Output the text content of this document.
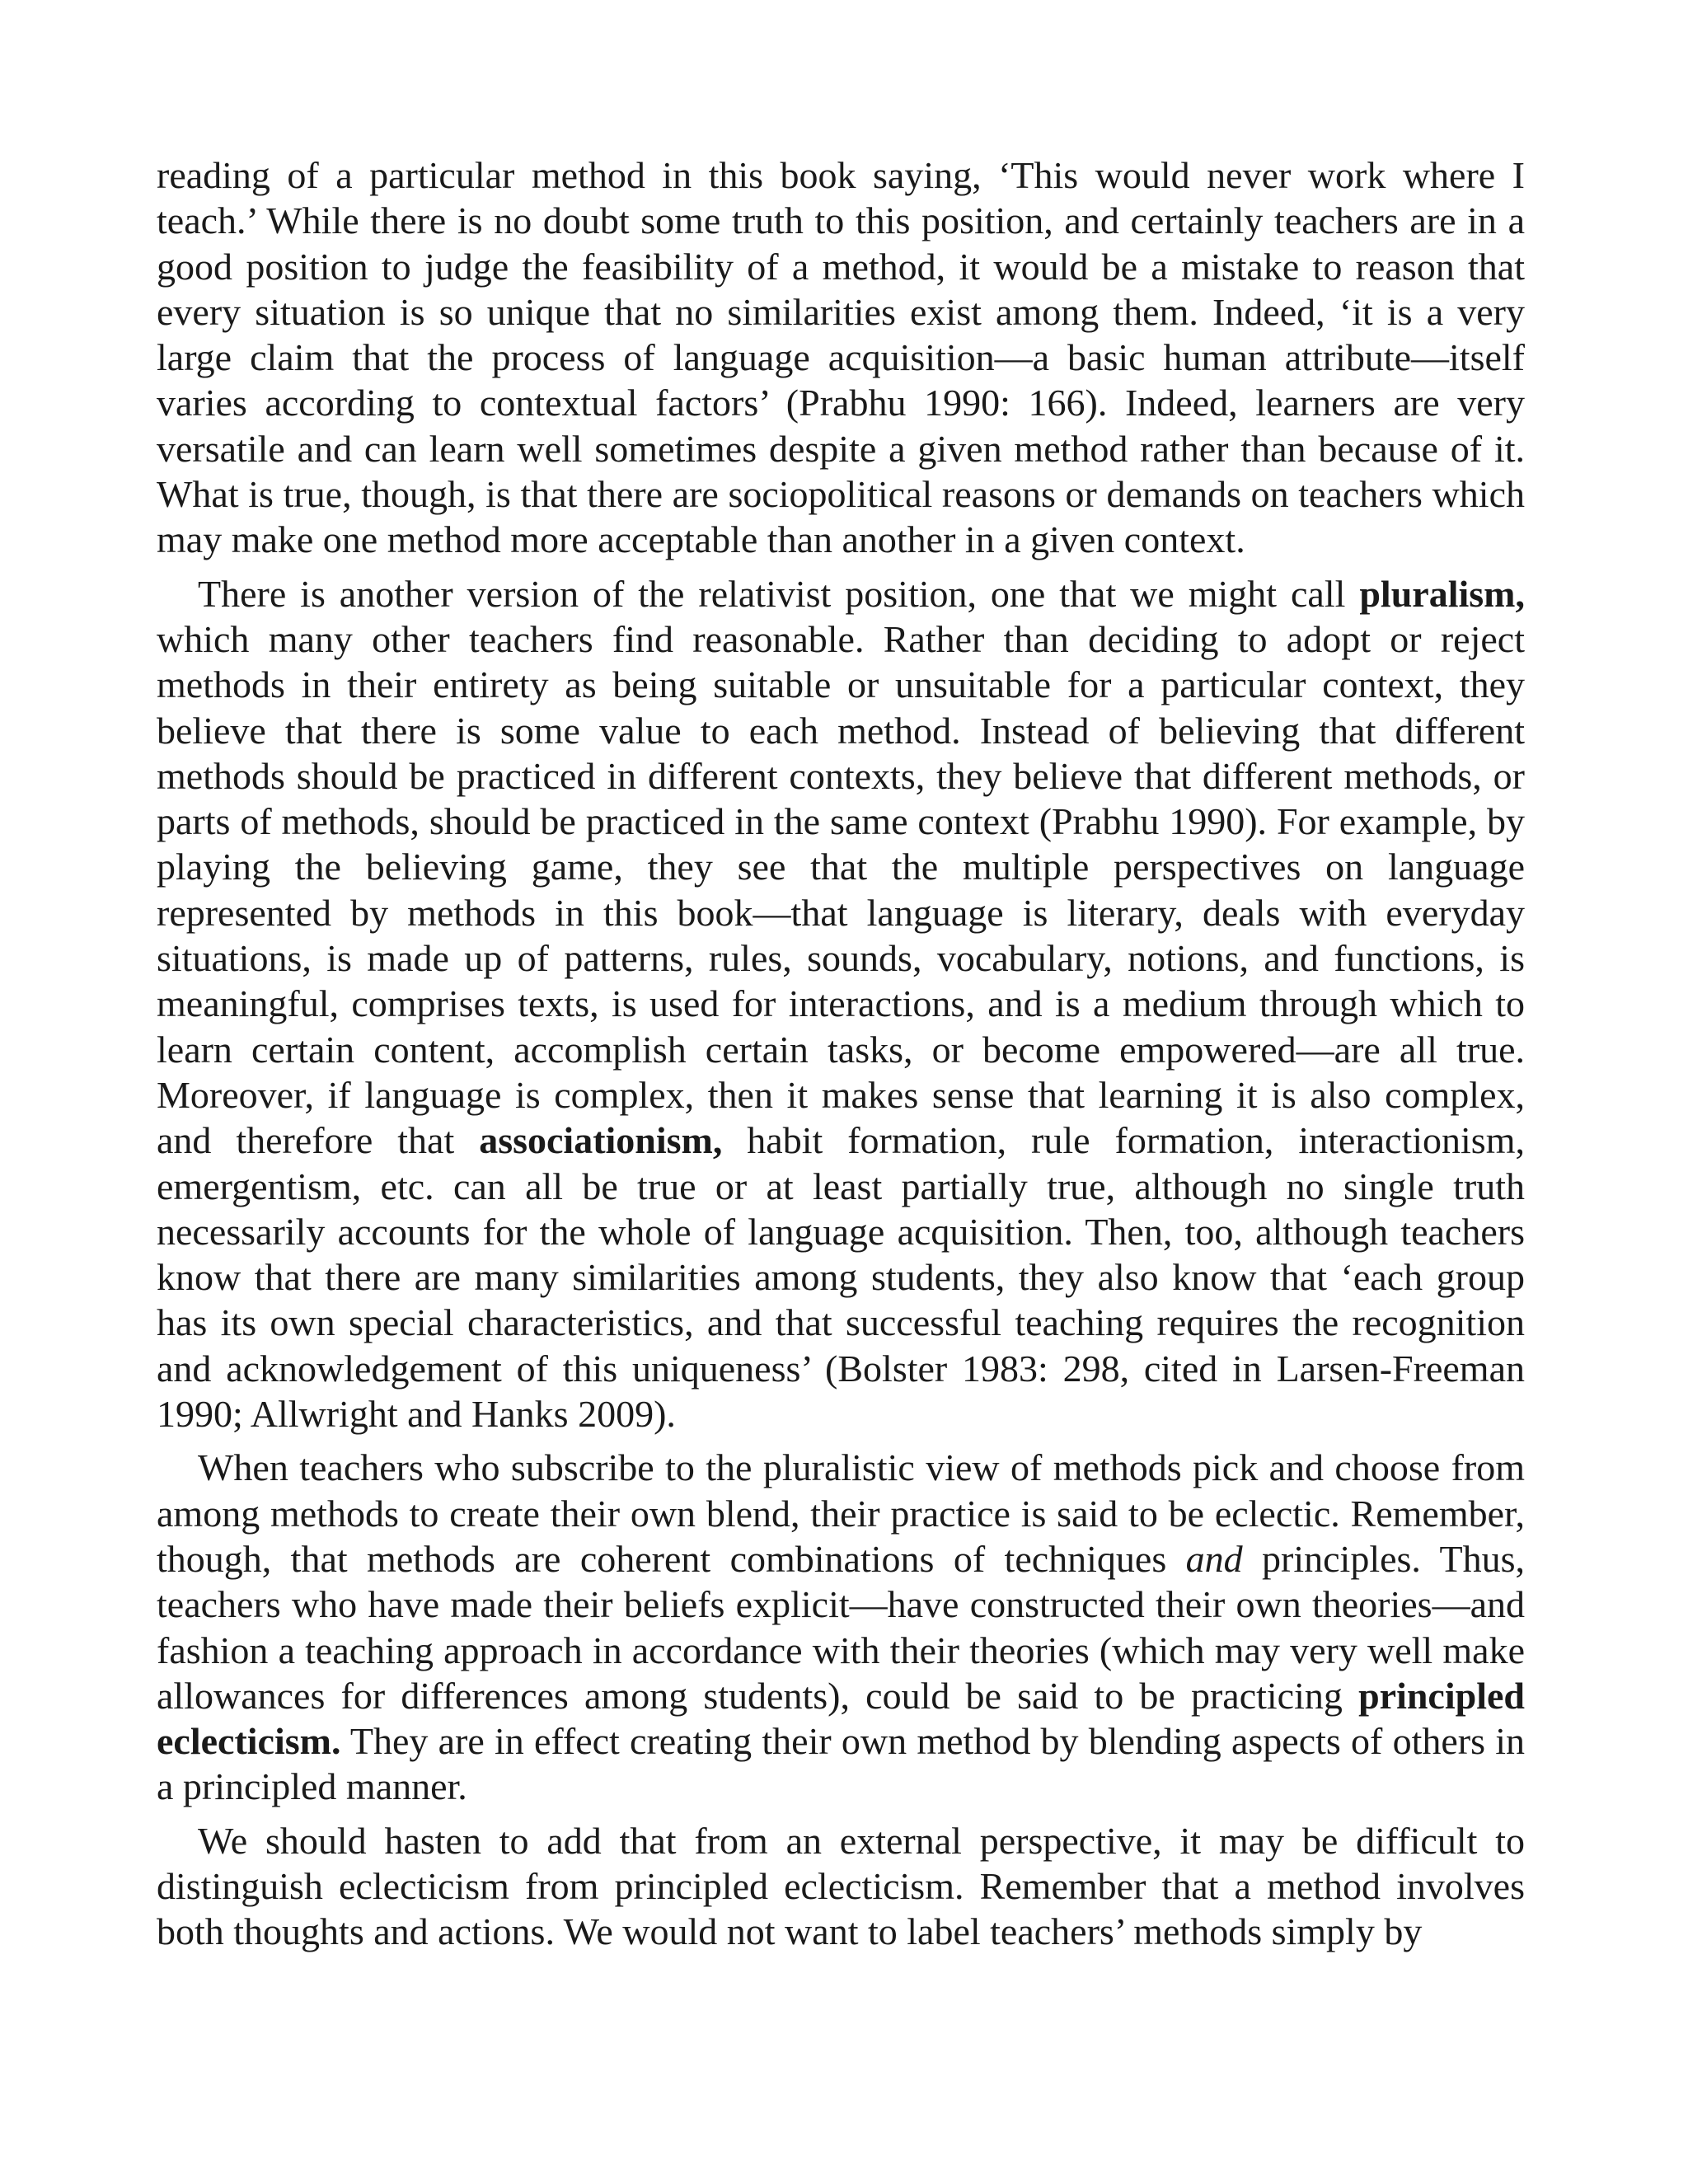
reading of a particular method in this book saying, ‘This would never work where I teach.’ While there is no doubt some truth to this position, and certainly teachers are in a good position to judge the feasibility of a method, it would be a mistake to reason that every situation is so unique that no similarities exist among them. Indeed, ‘it is a very large claim that the process of language acquisition—a basic human attribute—itself varies according to contextual factors’ (Prabhu 1990: 166). Indeed, learners are very versatile and can learn well sometimes despite a given method rather than because of it. What is true, though, is that there are sociopolitical reasons or demands on teachers which may make one method more acceptable than another in a given context.

There is another version of the relativist position, one that we might call pluralism, which many other teachers find reasonable. Rather than deciding to adopt or reject methods in their entirety as being suitable or unsuitable for a particular context, they believe that there is some value to each method. Instead of believing that different methods should be practiced in different contexts, they believe that different methods, or parts of methods, should be practiced in the same context (Prabhu 1990). For example, by playing the believing game, they see that the multiple perspectives on language represented by methods in this book—that language is literary, deals with everyday situations, is made up of patterns, rules, sounds, vocabulary, notions, and functions, is meaningful, comprises texts, is used for interactions, and is a medium through which to learn certain content, accomplish certain tasks, or become empowered—are all true. Moreover, if language is complex, then it makes sense that learning it is also complex, and therefore that associationism, habit formation, rule formation, interactionism, emergentism, etc. can all be true or at least partially true, although no single truth necessarily accounts for the whole of language acquisition. Then, too, although teachers know that there are many similarities among students, they also know that ‘each group has its own special characteristics, and that successful teaching requires the recognition and acknowledgement of this uniqueness’ (Bolster 1983: 298, cited in Larsen-Freeman 1990; Allwright and Hanks 2009).

When teachers who subscribe to the pluralistic view of methods pick and choose from among methods to create their own blend, their practice is said to be eclectic. Remember, though, that methods are coherent combinations of techniques and principles. Thus, teachers who have made their beliefs explicit—have constructed their own theories—and fashion a teaching approach in accordance with their theories (which may very well make allowances for differences among students), could be said to be practicing principled eclecticism. They are in effect creating their own method by blending aspects of others in a principled manner.

We should hasten to add that from an external perspective, it may be difficult to distinguish eclecticism from principled eclecticism. Remember that a method involves both thoughts and actions. We would not want to label teachers’ methods simply by
